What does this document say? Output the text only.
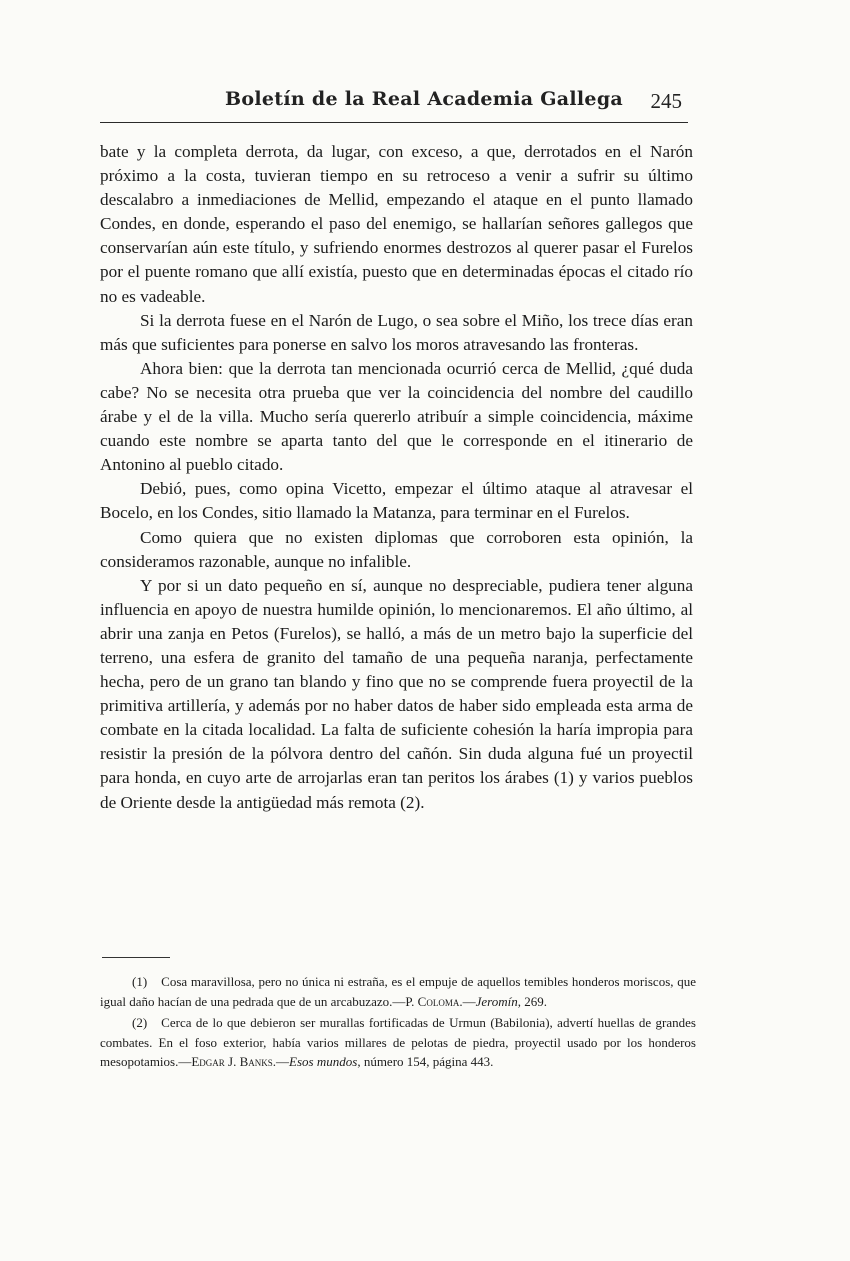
Boletín de la Real Academia Gallega 245

bate y la completa derrota, da lugar, con exceso, a que, derrotados en el Narón próximo a la costa, tuvieran tiempo en su retroceso a venir a sufrir su último descalabro a inmediaciones de Mellid, empezando el ataque en el punto llamado Condes, en donde, esperando el paso del enemigo, se hallarían señores gallegos que conservarían aún este título, y sufriendo enormes destrozos al querer pasar el Furelos por el puente romano que allí existía, puesto que en determinadas épocas el citado río no es vadeable.

Si la derrota fuese en el Narón de Lugo, o sea sobre el Miño, los trece días eran más que suficientes para ponerse en salvo los moros atravesando las fronteras.

Ahora bien: que la derrota tan mencionada ocurrió cerca de Mellid, ¿qué duda cabe? No se necesita otra prueba que ver la coincidencia del nombre del caudillo árabe y el de la villa. Mucho sería quererlo atribuír a simple coincidencia, máxime cuando este nombre se aparta tanto del que le corresponde en el itinerario de Antonino al pueblo citado.

Debió, pues, como opina Vicetto, empezar el último ataque al atravesar el Bocelo, en los Condes, sitio llamado la Matanza, para terminar en el Furelos.

Como quiera que no existen diplomas que corroboren esta opinión, la consideramos razonable, aunque no infalible.

Y por si un dato pequeño en sí, aunque no despreciable, pudiera tener alguna influencia en apoyo de nuestra humilde opinión, lo mencionaremos. El año último, al abrir una zanja en Petos (Furelos), se halló, a más de un metro bajo la superficie del terreno, una esfera de granito del tamaño de una pequeña naranja, perfectamente hecha, pero de un grano tan blando y fino que no se comprende fuera proyectil de la primitiva artillería, y además por no haber datos de haber sido empleada esta arma de combate en la citada localidad. La falta de suficiente cohesión la haría impropia para resistir la presión de la pólvora dentro del cañón. Sin duda alguna fué un proyectil para honda, en cuyo arte de arrojarlas eran tan peritos los árabes (1) y varios pueblos de Oriente desde la antigüedad más remota (2).

(1) Cosa maravillosa, pero no única ni estraña, es el empuje de aquellos temibles honderos moriscos, que igual daño hacían de una pedrada que de un arcabuzazo.—P. Coloma.—Jeromín, 269.

(2) Cerca de lo que debieron ser murallas fortificadas de Urmun (Babilonia), advertí huellas de grandes combates. En el foso exterior, había varios millares de pelotas de piedra, proyectil usado por los honderos mesopotamios.—Edgar J. Banks.—Esos mundos, número 154, página 443.
